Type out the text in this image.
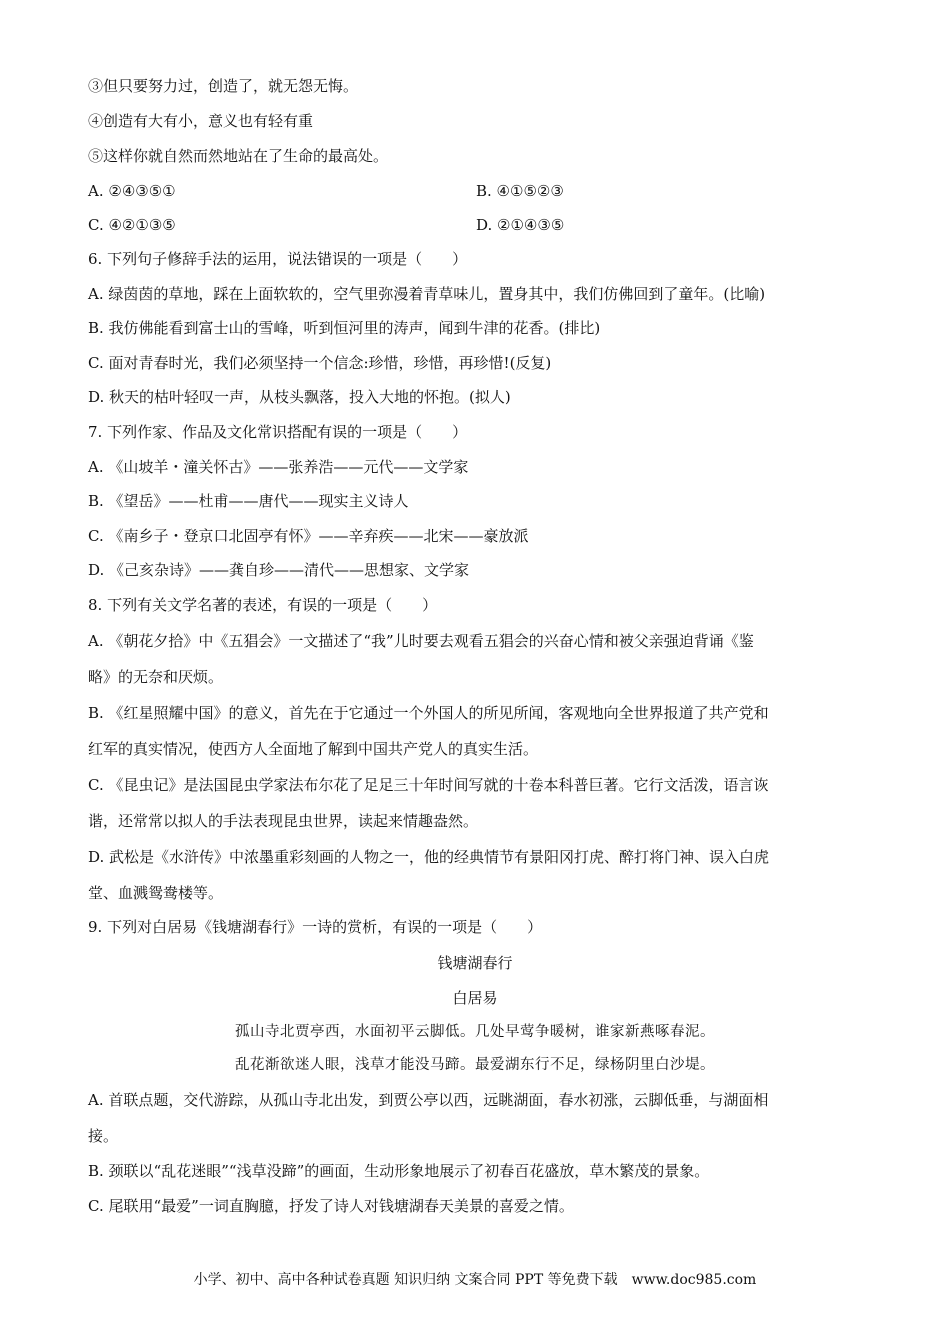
③但只要努力过，创造了，就无怨无悔。
④创造有大有小，意义也有轻有重
⑤这样你就自然而然地站在了生命的最高处。
A. ②④③⑤①	B. ④①⑤②③
C. ④②①③⑤	D. ②①④③⑤
6. 下列句子修辞手法的运用，说法错误的一项是（　　）
A. 绿茵茵的草地，踩在上面软软的，空气里弥漫着青草味儿，置身其中，我们仿佛回到了童年。(比喻)
B. 我仿佛能看到富士山的雪峰，听到恒河里的涛声，闻到牛津的花香。(排比)
C. 面对青春时光，我们必须坚持一个信念:珍惜，珍惜，再珍惜!(反复)
D. 秋天的枯叶轻叹一声，从枝头飘落，投入大地的怀抱。(拟人)
7. 下列作家、作品及文化常识搭配有误的一项是（　　）
A. 《山坡羊・潼关怀古》——张养浩——元代——文学家
B. 《望岳》——杜甫——唐代——现实主义诗人
C. 《南乡子・登京口北固亭有怀》——辛弃疾——北宋——豪放派
D. 《己亥杂诗》——龚自珍——清代——思想家、文学家
8. 下列有关文学名著的表述，有误的一项是（　　）
A. 《朝花夕拾》中《五猖会》一文描述了“我”儿时要去观看五猖会的兴奋心情和被父亲强迫背诵《鉴
略》的无奈和厌烦。
B. 《红星照耀中国》的意义，首先在于它通过一个外国人的所见所闻，客观地向全世界报道了共产党和
红军的真实情况，使西方人全面地了解到中国共产党人的真实生活。
C. 《昆虫记》是法国昆虫学家法布尔花了足足三十年时间写就的十卷本科普巨著。它行文活泼，语言诙
谐，还常常以拟人的手法表现昆虫世界，读起来情趣盎然。
D. 武松是《水浒传》中浓墨重彩刻画的人物之一，他的经典情节有景阳冈打虎、醉打将门神、误入白虎
堂、血溅鸳鸯楼等。
9. 下列对白居易《钱塘湖春行》一诗的赏析，有误的一项是（　　）
钱塘湖春行
白居易
孤山寺北贾亭西，水面初平云脚低。几处早莺争暖树，谁家新燕啄春泥。
乱花渐欲迷人眼，浅草才能没马蹄。最爱湖东行不足，绿杨阴里白沙堤。
A. 首联点题，交代游踪，从孤山寺北出发，到贾公亭以西，远眺湖面，春水初涨，云脚低垂，与湖面相
接。
B. 颈联以“乱花迷眼”“浅草没蹄”的画面，生动形象地展示了初春百花盛放，草木繁茂的景象。
C. 尾联用“最爱”一词直胸臆，抒发了诗人对钱塘湖春天美景的喜爱之情。
小学、初中、高中各种试卷真题 知识归纳 文案合同 PPT 等免费下载　www.doc985.com
